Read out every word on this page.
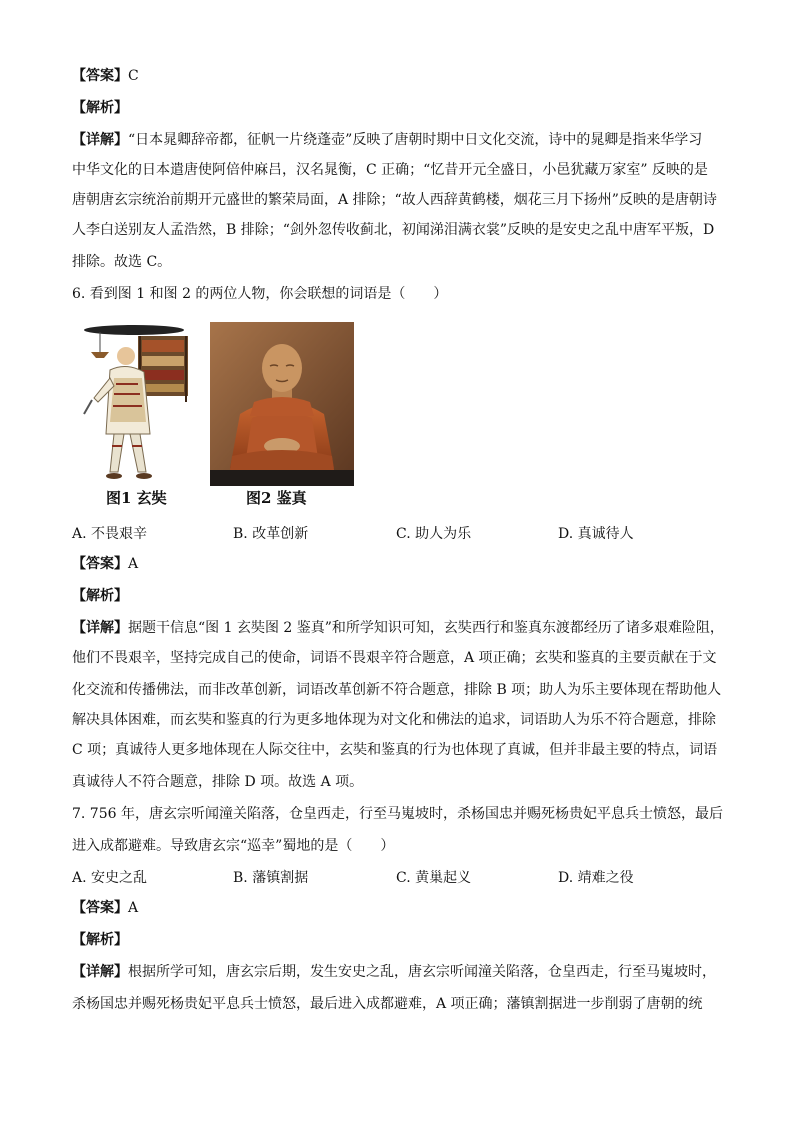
【答案】C
【解析】
【详解】“日本晁卿辞帝都，征帆一片绕蓬壶”反映了唐朝时期中日文化交流，诗中的晁卿是指来华学习
中华文化的日本遣唐使阿倍仲麻吕，汉名晁衡，C 正确；“忆昔开元全盛日，小邑犹藏万家室” 反映的是
唐朝唐玄宗统治前期开元盛世的繁荣局面，A 排除；“故人西辞黄鹤楼，烟花三月下扬州”反映的是唐朝诗
人李白送别友人孟浩然，B 排除；“剑外忽传收蓟北，初闻涕泪满衣裳”反映的是安史之乱中唐军平叛，D
排除。故选 C。
6. 看到图 1 和图 2 的两位人物，你会联想的词语是（　　）
图1 玄奘	图2 鉴真
A. 不畏艰辛	B. 改革创新	C. 助人为乐	D. 真诚待人
【答案】A
【解析】
【详解】据题干信息“图 1 玄奘图 2 鉴真”和所学知识可知，玄奘西行和鉴真东渡都经历了诸多艰难险阻，
他们不畏艰辛，坚持完成自己的使命，词语不畏艰辛符合题意，A 项正确；玄奘和鉴真的主要贡献在于文
化交流和传播佛法，而非改革创新，词语改革创新不符合题意，排除 B 项；助人为乐主要体现在帮助他人
解决具体困难，而玄奘和鉴真的行为更多地体现为对文化和佛法的追求，词语助人为乐不符合题意，排除
C 项；真诚待人更多地体现在人际交往中，玄奘和鉴真的行为也体现了真诚，但并非最主要的特点，词语
真诚待人不符合题意，排除 D 项。故选 A 项。
7. 756 年，唐玄宗听闻潼关陷落，仓皇西走，行至马嵬坡时，杀杨国忠并赐死杨贵妃平息兵士愤怒，最后
进入成都避难。导致唐玄宗“巡幸”蜀地的是（　　）
A. 安史之乱	B. 藩镇割据	C. 黄巢起义	D. 靖难之役
【答案】A
【解析】
【详解】根据所学可知，唐玄宗后期，发生安史之乱，唐玄宗听闻潼关陷落，仓皇西走，行至马嵬坡时，
杀杨国忠并赐死杨贵妃平息兵士愤怒，最后进入成都避难，A 项正确；藩镇割据进一步削弱了唐朝的统
